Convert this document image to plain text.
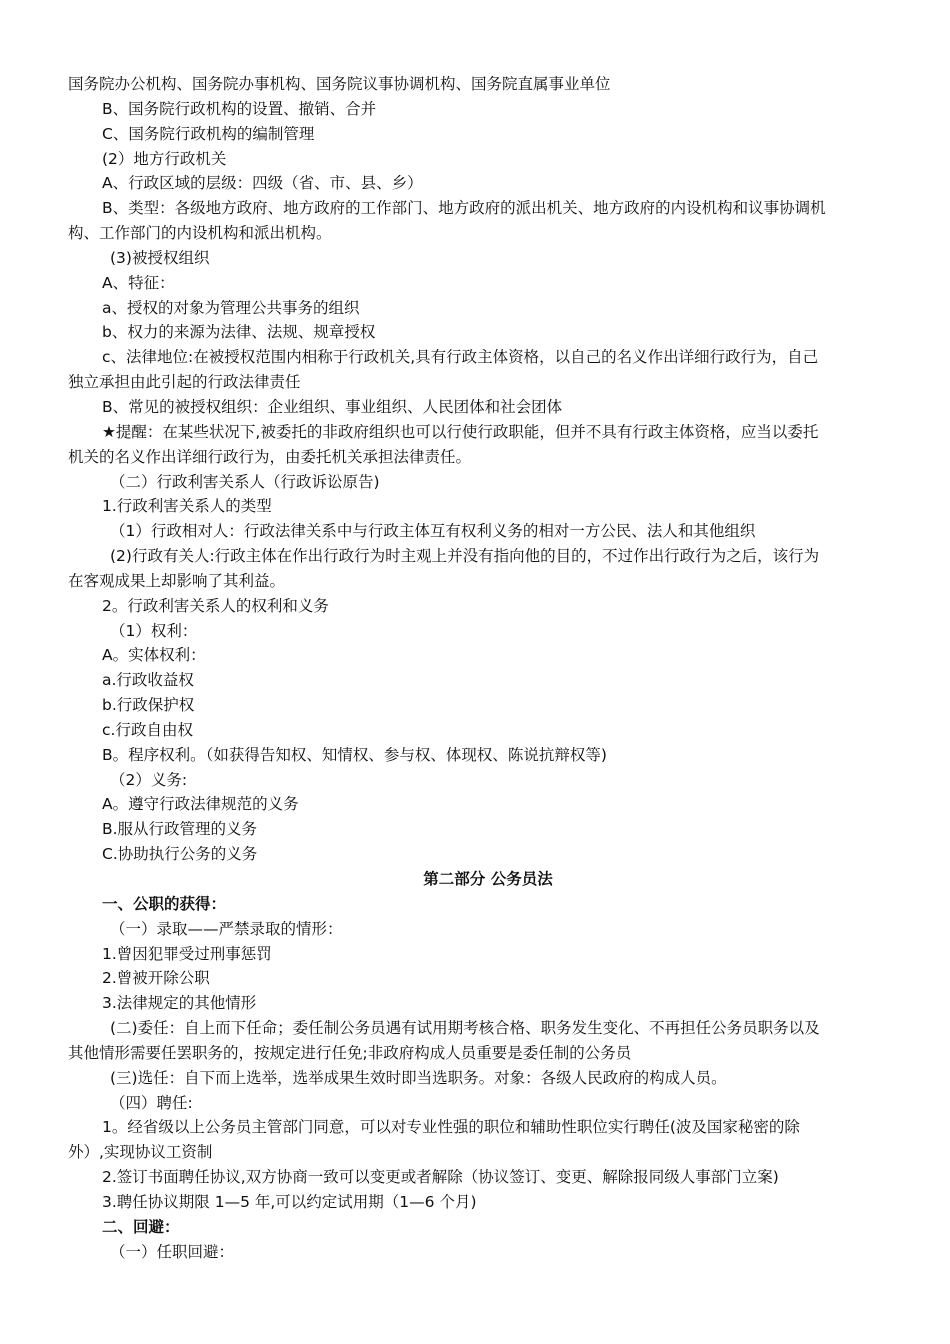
国务院办公机构、国务院办事机构、国务院议事协调机构、国务院直属事业单位
B、国务院行政机构的设置、撤销、合并
C、国务院行政机构的编制管理
(2）地方行政机关
A、行政区域的层级：四级（省、市、县、乡）
B、类型：各级地方政府、地方政府的工作部门、地方政府的派出机关、地方政府的内设机构和议事协调机
构、工作部门的内设机构和派出机构。
(3)被授权组织
A、特征：
a、授权的对象为管理公共事务的组织
b、权力的来源为法律、法规、规章授权
c、法律地位:在被授权范围内相称于行政机关,具有行政主体资格，以自己的名义作出详细行政行为，自己
独立承担由此引起的行政法律责任
B、常见的被授权组织：企业组织、事业组织、人民团体和社会团体
★提醒：在某些状况下,被委托的非政府组织也可以行使行政职能，但并不具有行政主体资格，应当以委托
机关的名义作出详细行政行为，由委托机关承担法律责任。
（二）行政利害关系人（行政诉讼原告)
1.行政利害关系人的类型
（1）行政相对人：行政法律关系中与行政主体互有权利义务的相对一方公民、法人和其他组织
(2)行政有关人:行政主体在作出行政行为时主观上并没有指向他的目的，不过作出行政行为之后，该行为
在客观成果上却影响了其利益。
2。行政利害关系人的权利和义务
（1）权利：
A。实体权利：
a.行政收益权
b.行政保护权
c.行政自由权
B。程序权利。（如获得告知权、知情权、参与权、体现权、陈说抗辩权等)
（2）义务:
A。遵守行政法律规范的义务
B.服从行政管理的义务
C.协助执行公务的义务
第二部分 公务员法
一、公职的获得：
（一）录取——严禁录取的情形：
1.曾因犯罪受过刑事惩罚
2.曾被开除公职
3.法律规定的其他情形
(二)委任：自上而下任命；委任制公务员遇有试用期考核合格、职务发生变化、不再担任公务员职务以及
其他情形需要任罢职务的，按规定进行任免;非政府构成人员重要是委任制的公务员
(三)选任：自下而上选举，选举成果生效时即当选职务。对象：各级人民政府的构成人员。
（四）聘任:
1。经省级以上公务员主管部门同意，可以对专业性强的职位和辅助性职位实行聘任(波及国家秘密的除
外）,实现协议工资制
2.签订书面聘任协议,双方协商一致可以变更或者解除（协议签订、变更、解除报同级人事部门立案)
3.聘任协议期限 1—5 年,可以约定试用期（1—6 个月)
二、回避：
（一）任职回避：
